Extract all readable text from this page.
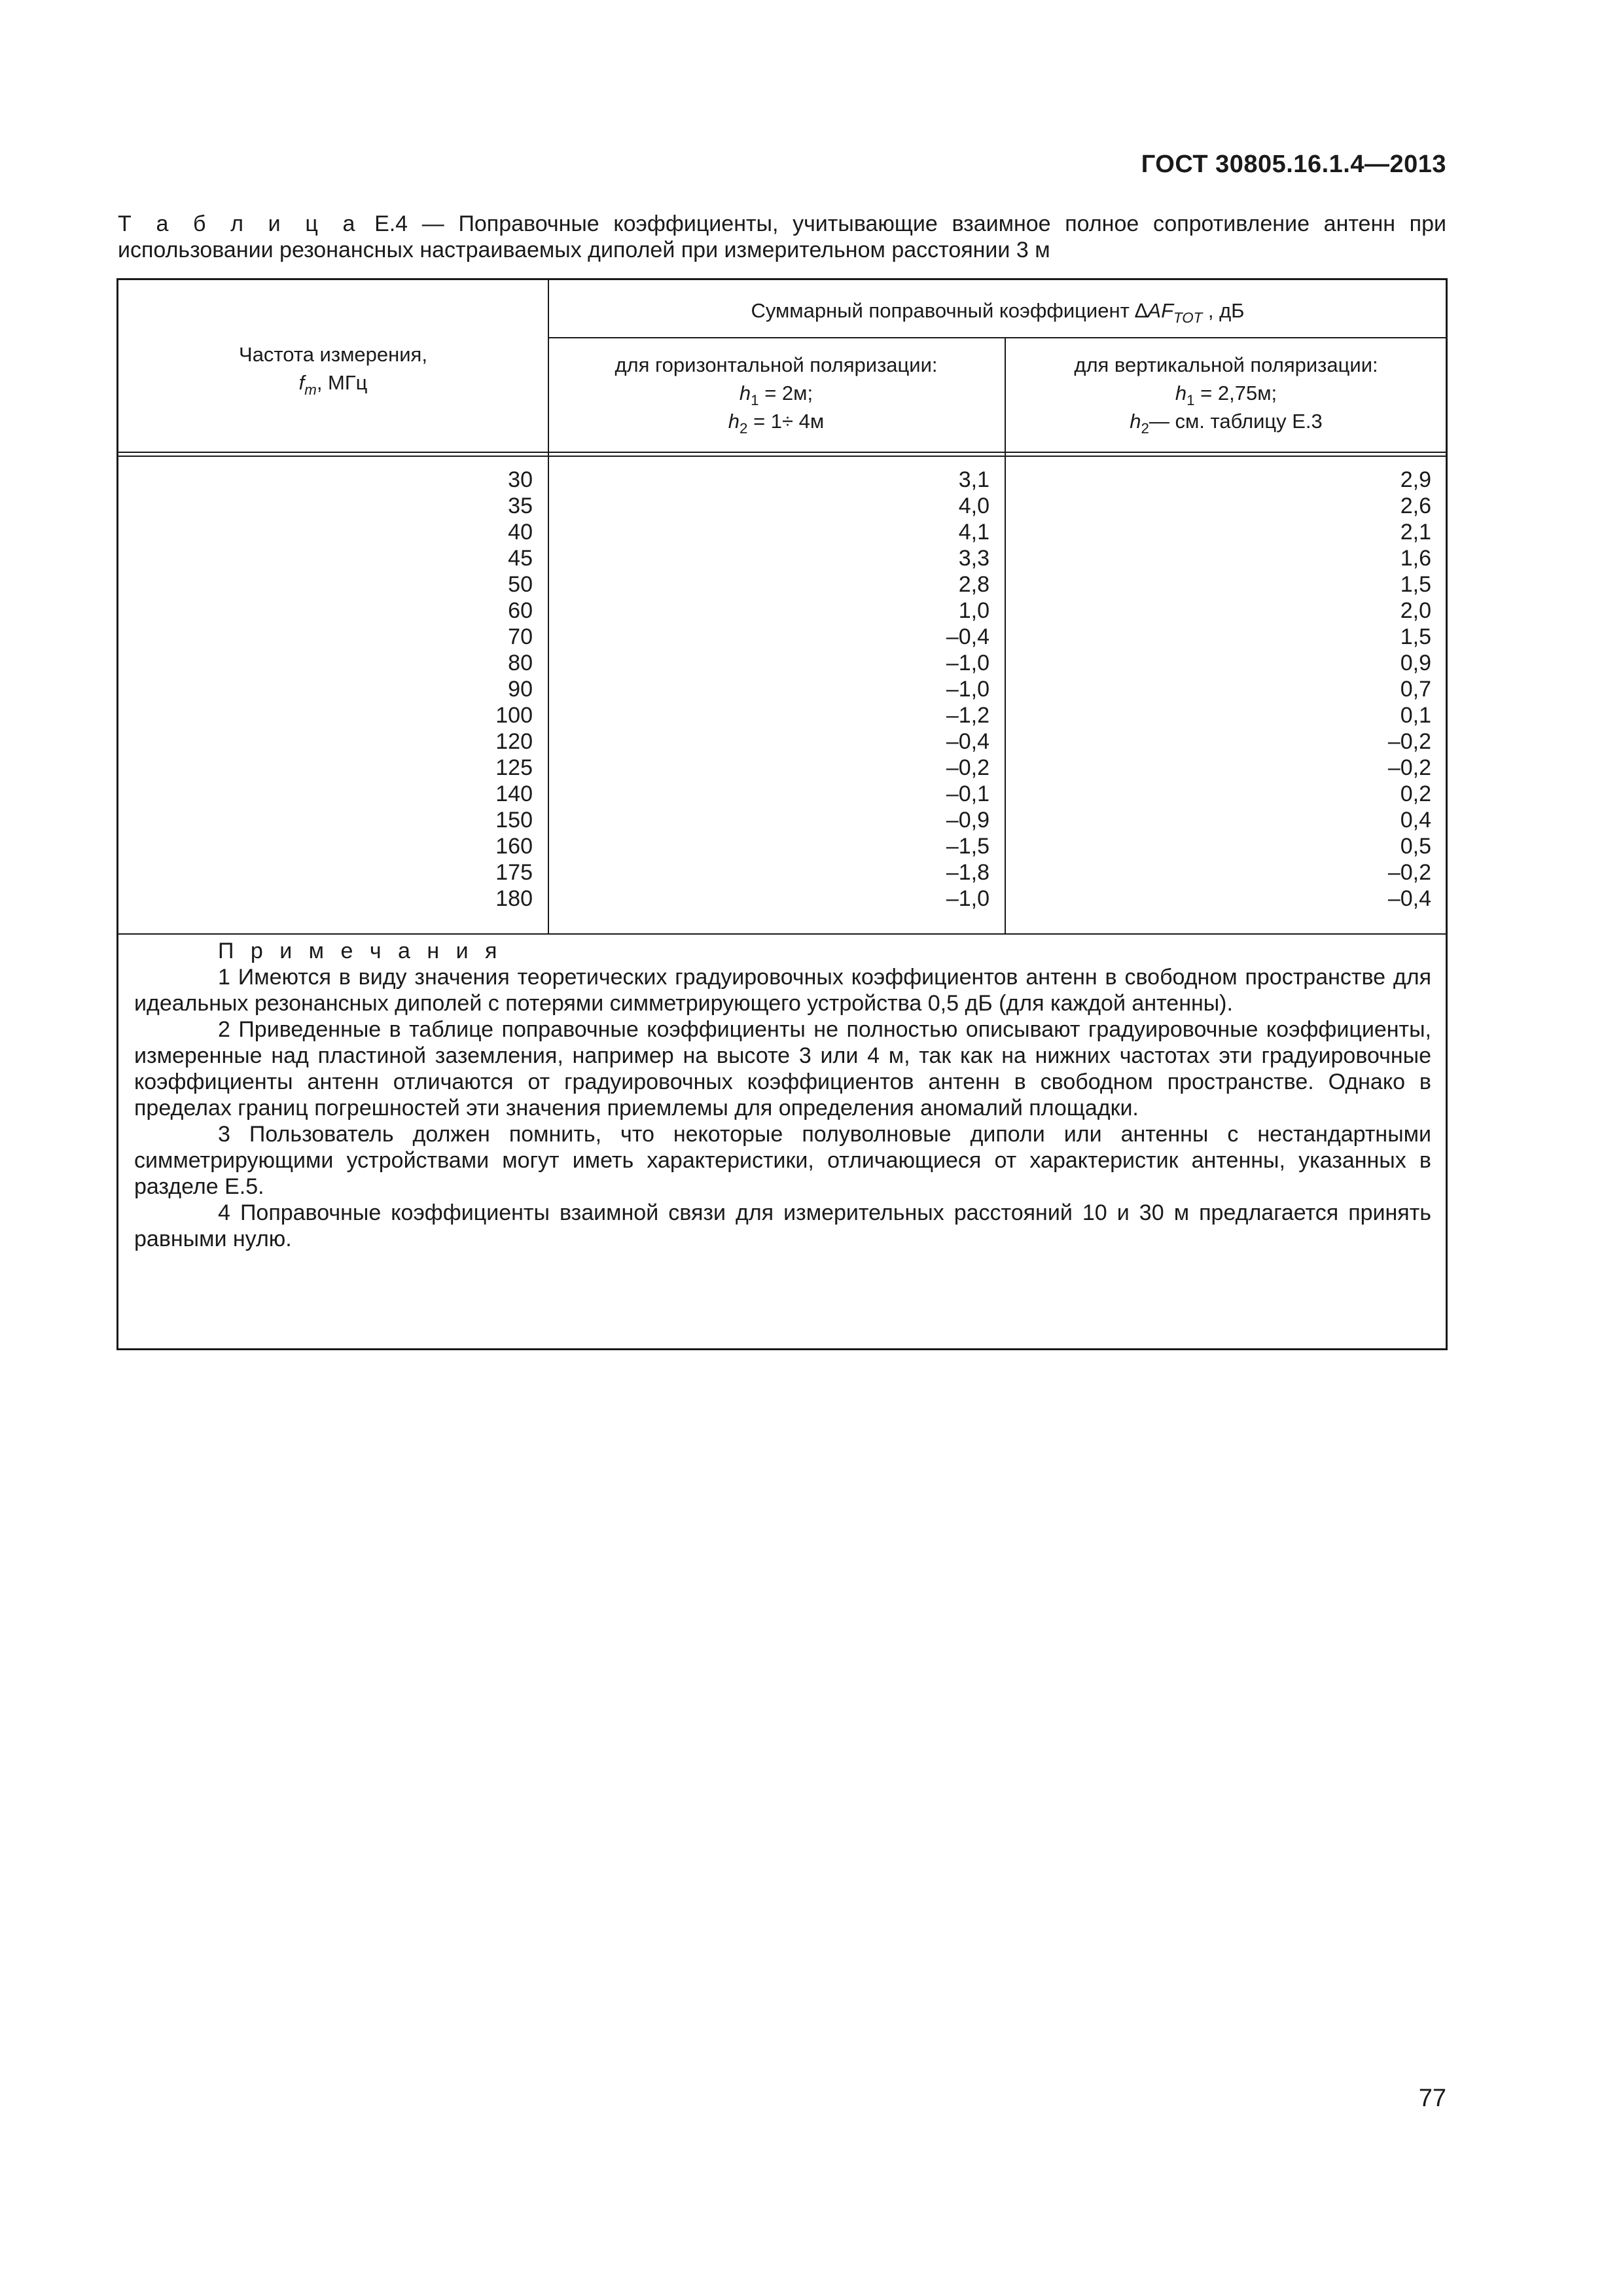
ГОСТ 30805.16.1.4—2013
Т а б л и ц а Е.4 — Поправочные коэффициенты, учитывающие взаимное полное сопротивление антенн при использовании резонансных настраиваемых диполей при измерительном расстоянии 3 м
Частота измерения,
$f_m$, МГц
Суммарный поправочный коэффициент $\Delta AF_{TOT}$ , дБ
для горизонтальной поляризации:
$h_1 = 2м$;
$h_2 = 1\div 4м$
для вертикальной поляризации:
$h_1 = 2,75м$;
$h_2—$ см. таблицу Е.3
30
35
40
45
50
60
70
80
90
100
120
125
140
150
160
175
180
3,1
4,0
4,1
3,3
2,8
1,0
–0,4
–1,0
–1,0
–1,2
–0,4
–0,2
–0,1
–0,9
–1,5
–1,8
–1,0
2,9
2,6
2,1
1,6
1,5
2,0
1,5
0,9
0,7
0,1
–0,2
–0,2
0,2
0,4
0,5
–0,2
–0,4
П р и м е ч а н и я

1 Имеются в виду значения теоретических градуировочных коэффициентов антенн в свободном пространстве для идеальных резонансных диполей с потерями симметрирующего устройства 0,5 дБ (для каждой антенны).

2 Приведенные в таблице поправочные коэффициенты не полностью описывают градуировочные коэффициенты, измеренные над пластиной заземления, например на высоте 3 или 4 м, так как на нижних частотах эти градуировочные коэффициенты антенн отличаются от градуировочных коэффициентов антенн в свободном пространстве. Однако в пределах границ погрешностей эти значения приемлемы для определения аномалий площадки.

3 Пользователь должен помнить, что некоторые полуволновые диполи или антенны с нестандартными симметрирующими устройствами могут иметь характеристики, отличающиеся от характеристик антенны, указанных в разделе Е.5.

4 Поправочные коэффициенты взаимной связи для измерительных расстояний 10 и 30 м предлагается принять равными нулю.

77
